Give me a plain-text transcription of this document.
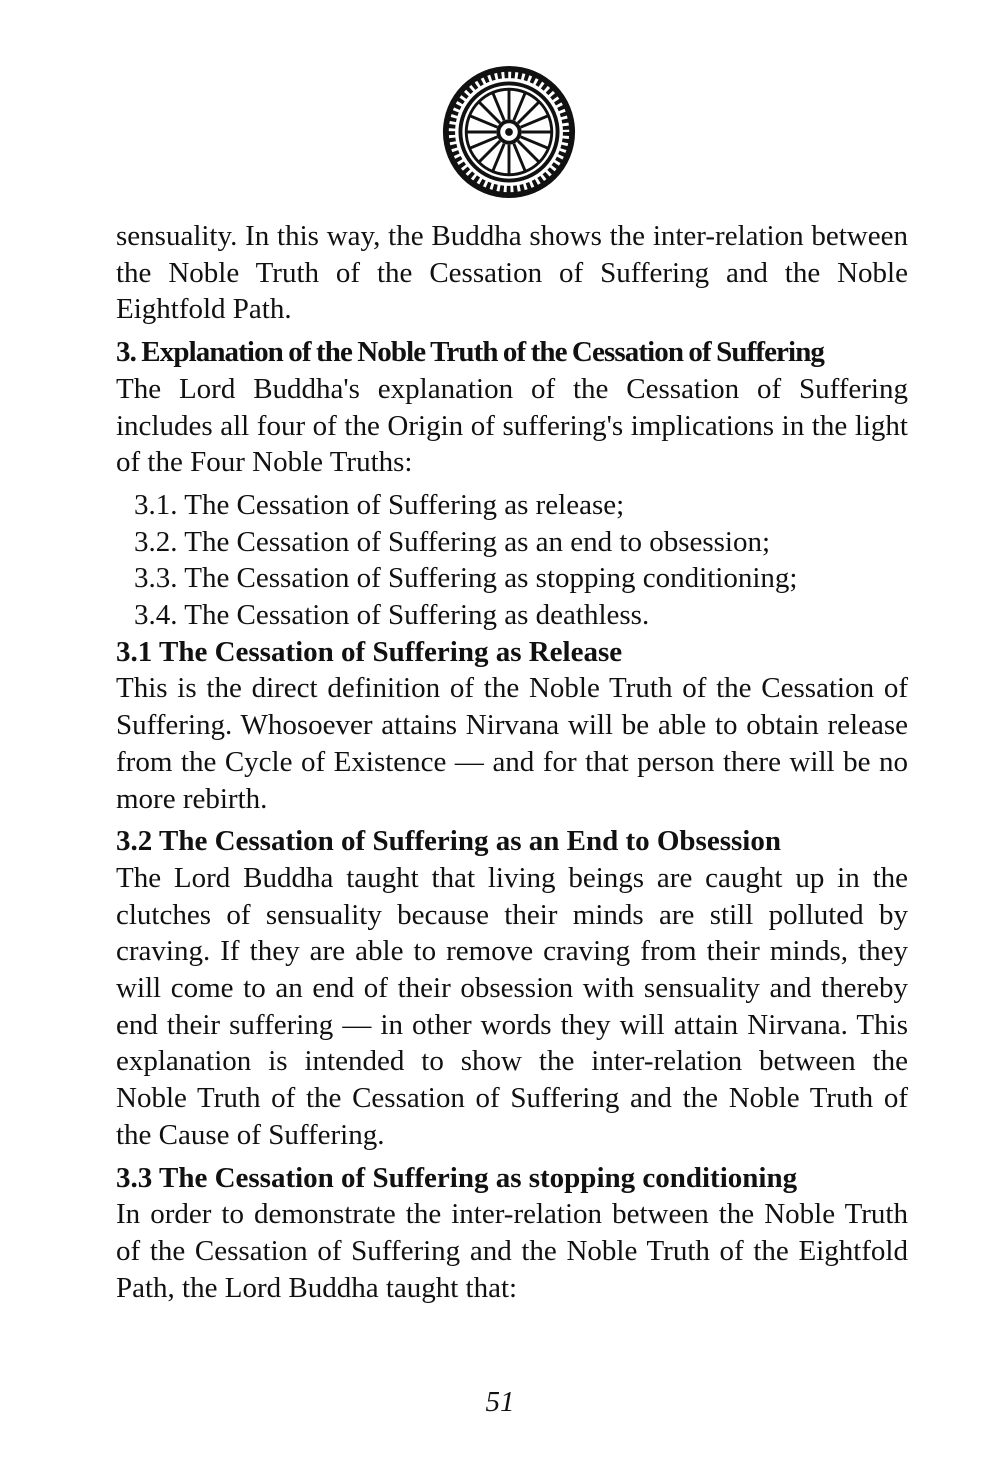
sensuality. In this way, the Buddha shows the inter-relation between the Noble Truth of the Cessation of Suffering and the Noble Eightfold Path.

3. Explanation of the Noble Truth of the Cessation of Suffering

The Lord Buddha's explanation of the Cessation of Suffering includes all four of the Origin of suffering's implications in the light of the Four Noble Truths:

3.1. The Cessation of Suffering as release;
3.2. The Cessation of Suffering as an end to obsession;
3.3. The Cessation of Suffering as stopping conditioning;
3.4. The Cessation of Suffering as deathless.
3.1 The Cessation of Suffering as Release

This is the direct definition of the Noble Truth of the Cessation of Suffering. Whosoever attains Nirvana will be able to obtain release from the Cycle of Existence — and for that person there will be no more rebirth.

3.2 The Cessation of Suffering as an End to Obsession

The Lord Buddha taught that living beings are caught up in the clutches of sensuality because their minds are still polluted by craving. If they are able to remove craving from their minds, they will come to an end of their obsession with sensuality and thereby end their suffering — in other words they will attain Nirvana. This explanation is intended to show the inter-relation between the Noble Truth of the Cessation of Suffering and the Noble Truth of the Cause of Suffering.

3.3 The Cessation of Suffering as stopping conditioning

In order to demonstrate the inter-relation between the Noble Truth of the Cessation of Suffering and the Noble Truth of the Eightfold Path, the Lord Buddha taught that:

51
